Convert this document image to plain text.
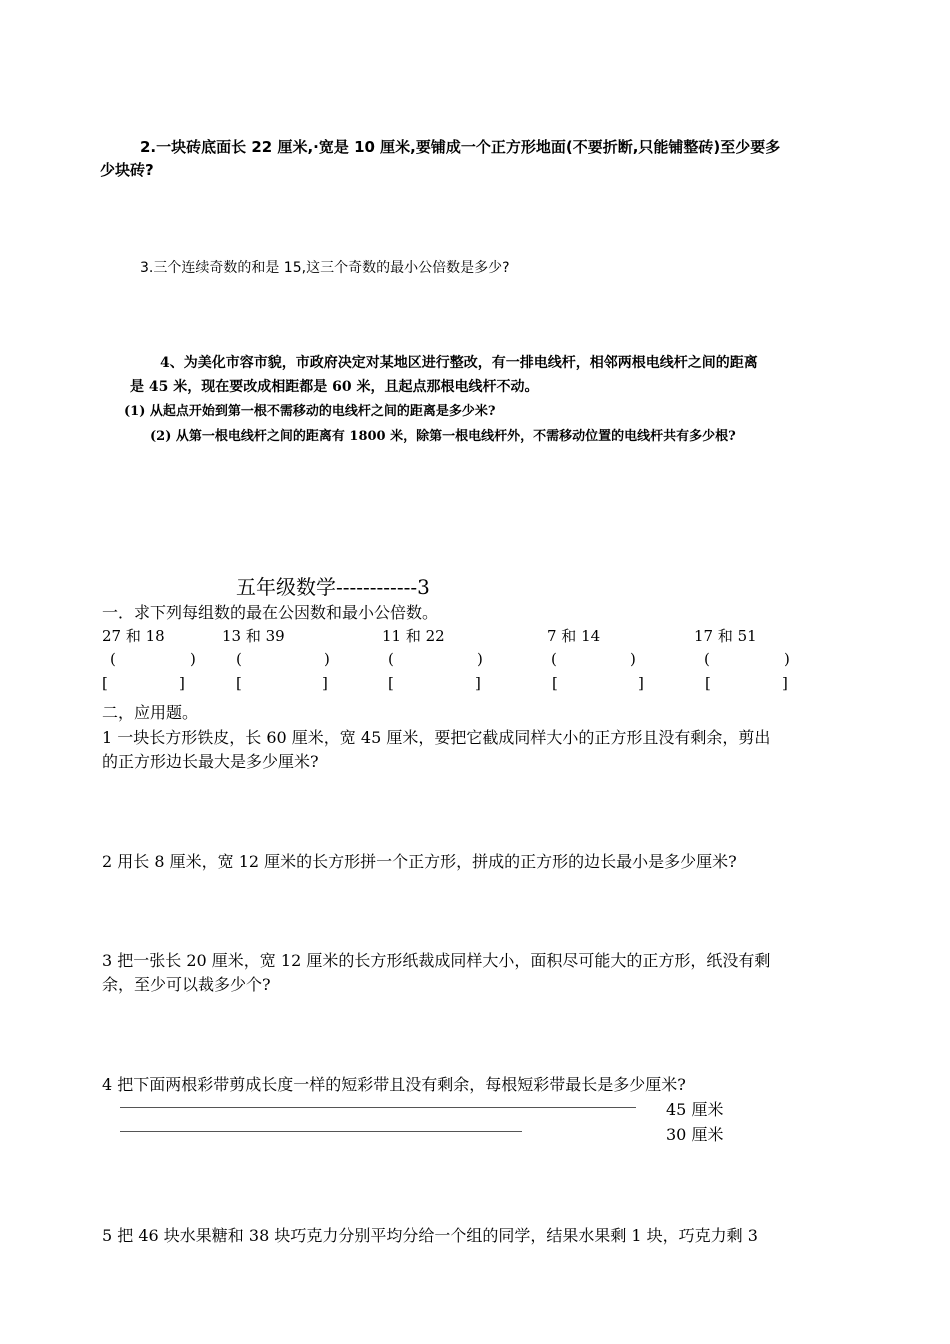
2.一块砖底面长 22 厘米,·宽是 10 厘米,要铺成一个正方形地面(不要折断,只能铺整砖)至少要多
少块砖?
3.三个连续奇数的和是 15,这三个奇数的最小公倍数是多少?
4、为美化市容市貌，市政府决定对某地区进行整改，有一排电线杆，相邻两根电线杆之间的距离
是 45 米，现在要改成相距都是 60 米，且起点那根电线杆不动。
(1) 从起点开始到第一根不需移动的电线杆之间的距离是多少米?
(2) 从第一根电线杆之间的距离有 1800 米，除第一根电线杆外，不需移动位置的电线杆共有多少根?
五年级数学------------3
一．求下列每组数的最在公因数和最小公倍数。
27 和 18	13 和 39	11 和 22	7 和 14	17 和 51
(	)	(	)	(	)	(	)	(	)
[	]	[	]	[	]	[	]	[	]
二，应用题。
1 一块长方形铁皮，长 60 厘米，宽 45 厘米，要把它截成同样大小的正方形且没有剩余，剪出
的正方形边长最大是多少厘米?
2 用长 8 厘米，宽 12 厘米的长方形拼一个正方形，拼成的正方形的边长最小是多少厘米?
3 把一张长 20 厘米，宽 12 厘米的长方形纸裁成同样大小，面积尽可能大的正方形，纸没有剩
余，至少可以裁多少个?
4 把下面两根彩带剪成长度一样的短彩带且没有剩余，每根短彩带最长是多少厘米?
45 厘米
30 厘米
5 把 46 块水果糖和 38 块巧克力分别平均分给一个组的同学，结果水果剩 1 块，巧克力剩 3
